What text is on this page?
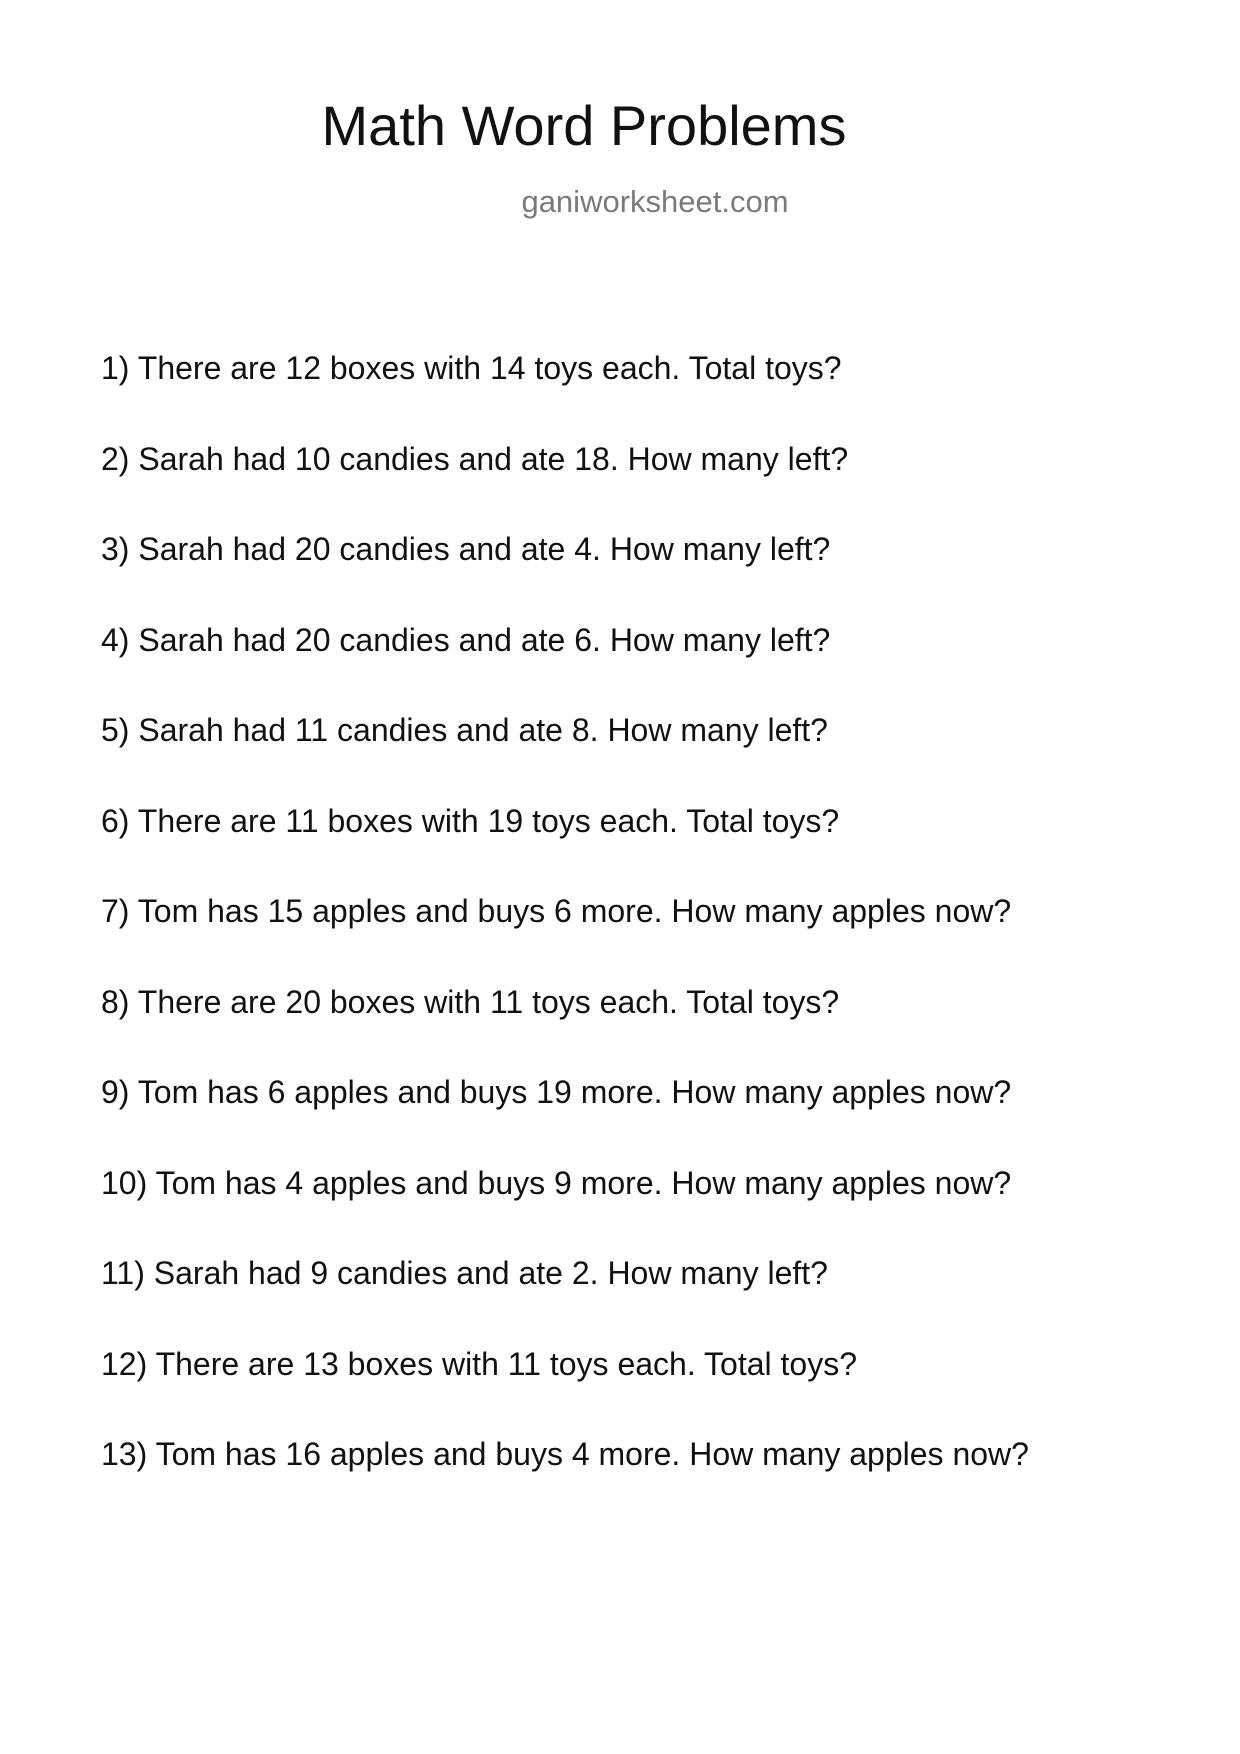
Math Word Problems
ganiworksheet.com
1) There are 12 boxes with 14 toys each. Total toys?
2) Sarah had 10 candies and ate 18. How many left?
3) Sarah had 20 candies and ate 4. How many left?
4) Sarah had 20 candies and ate 6. How many left?
5) Sarah had 11 candies and ate 8. How many left?
6) There are 11 boxes with 19 toys each. Total toys?
7) Tom has 15 apples and buys 6 more. How many apples now?
8) There are 20 boxes with 11 toys each. Total toys?
9) Tom has 6 apples and buys 19 more. How many apples now?
10) Tom has 4 apples and buys 9 more. How many apples now?
11) Sarah had 9 candies and ate 2. How many left?
12) There are 13 boxes with 11 toys each. Total toys?
13) Tom has 16 apples and buys 4 more. How many apples now?
